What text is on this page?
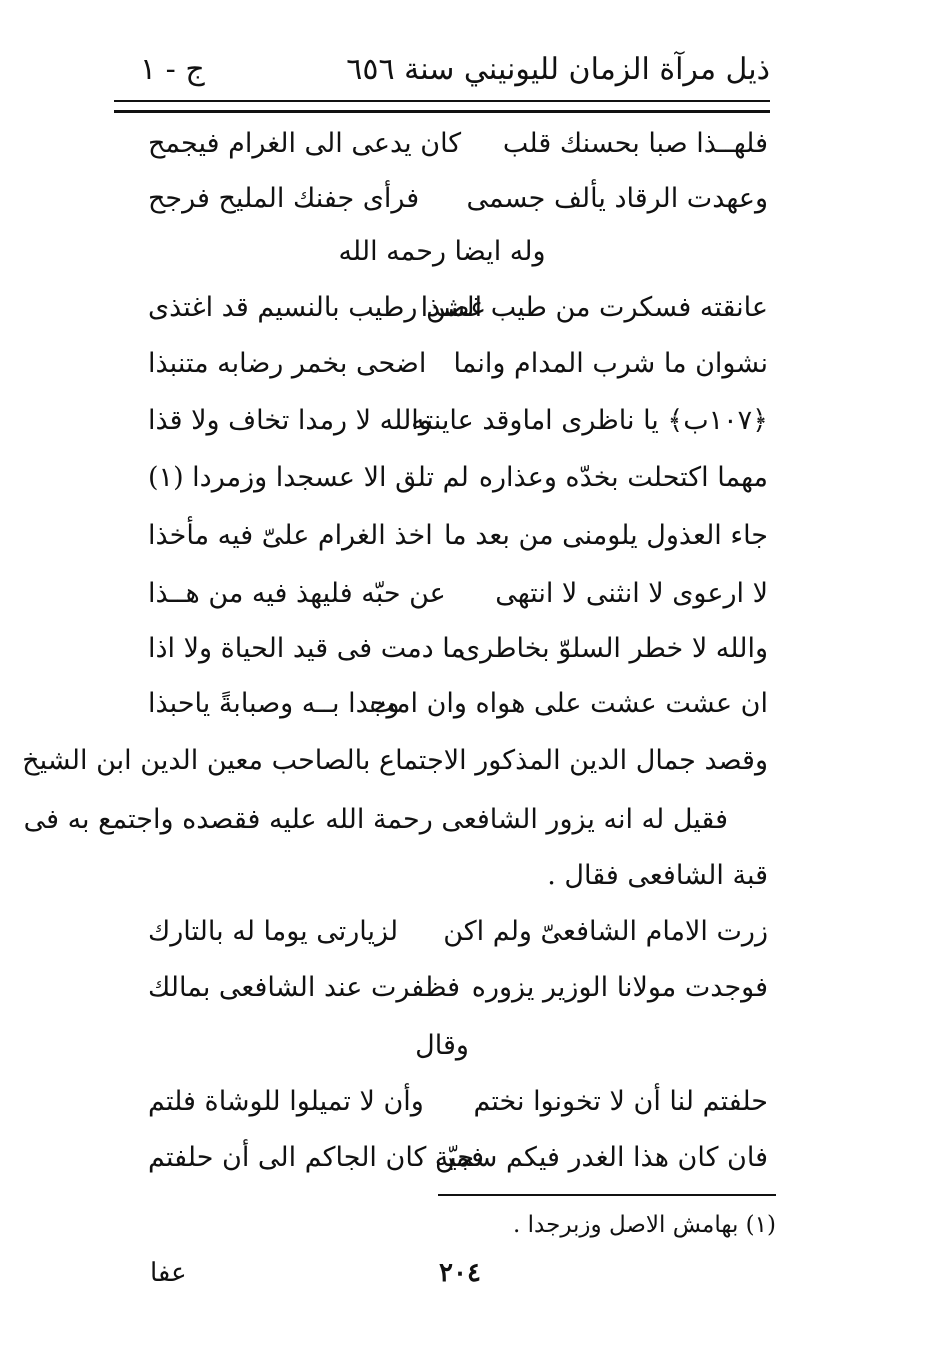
ذيل مرآة الزمان لليونيني سنة ٦٥٦
ج - ١
فلهــذا صبا بحسنك قلب
كان يدعى الى الغرام فيجمح
وعهدت الرقاد يألف جسمى
فرأى جفنك المليح فرجح
وله ايضا رحمه الله
عانقته فسكرت من طيب الشذا
غصن رطيب بالنسيم قد اغتذى
نشوان ما شرب المدام وانما
اضحى بخمر رضابه متنبذا
﴿١٠٧ب﴾ يا ناظرى اماوقد عاينته
والله لا رمدا تخاف ولا قذا
مهما اكتحلت بخدّه وعذاره
لم تلق الا عسجدا وزمردا (١)
جاء العذول يلومنى من بعد ما
اخذ الغرام علىّ فيه مأخذا
لا ارعوى لا انثنى لا انتهى
عن حبّه فليهذ فيه من هــذا
والله لا خطر السلوّ بخاطرى
ما دمت فى قيد الحياة ولا اذا
ان عشت عشت على هواه وان امت
وجدا بــه وصبابةً ياحبذا
وقصد جمال الدين المذكور الاجتماع بالصاحب معين الدين ابن الشيخ
فقيل له انه يزور الشافعى رحمة الله عليه فقصده واجتمع به فى
قبة الشافعى فقال .
زرت الامام الشافعىّ ولم اكن
لزيارتى يوما له بالتارك
فوجدت مولانا الوزير يزوره
فظفرت عند الشافعى بمالك
وقال
حلفتم لنا أن لا تخونوا نختم
وأن لا تميلوا للوشاة فلتم
فان كان هذا الغدر فيكم سجيّة
فمن كان الجاكم الى أن حلفتم
(١) بهامش الاصل وزبرجدا .
٢٠٤
عفا
